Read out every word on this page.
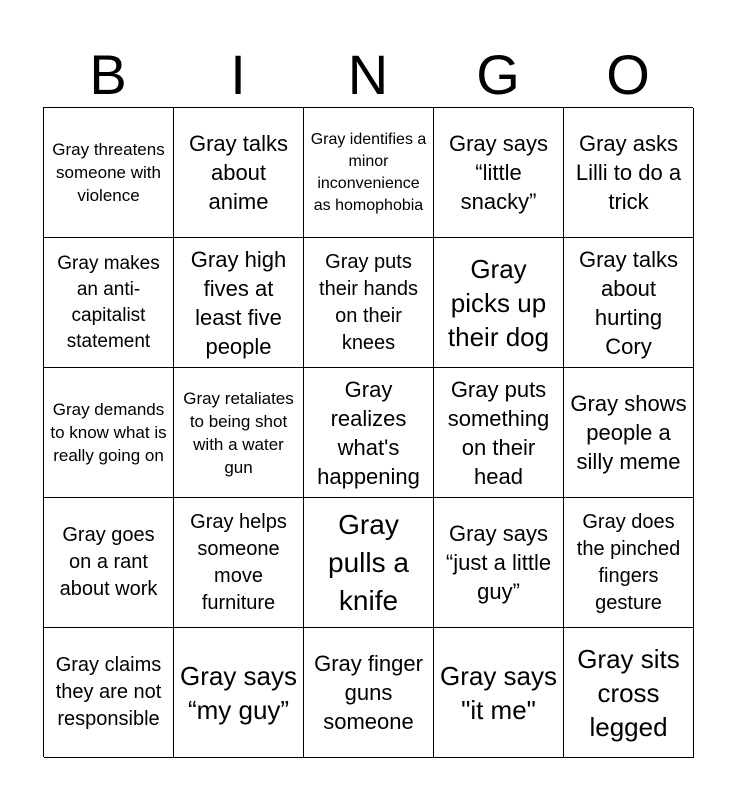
B	I	N	G	O
Gray threatens someone with violence
Gray talks about anime
Gray identifies a minor inconvenience as homophobia
Gray says “little snacky”
Gray asks Lilli to do a trick
Gray makes an anti-capitalist statement
Gray high fives at least five people
Gray puts their hands on their knees
Gray picks up their dog
Gray talks about hurting Cory
Gray demands to know what is really going on
Gray retaliates to being shot with a water gun
Gray realizes what's happening
Gray puts something on their head
Gray shows people a silly meme
Gray goes on a rant about work
Gray helps someone move furniture
Gray pulls a knife
Gray says “just a little guy”
Gray does the pinched fingers gesture
Gray claims they are not responsible
Gray says “my guy”
Gray finger guns someone
Gray says "it me"
Gray sits cross legged
